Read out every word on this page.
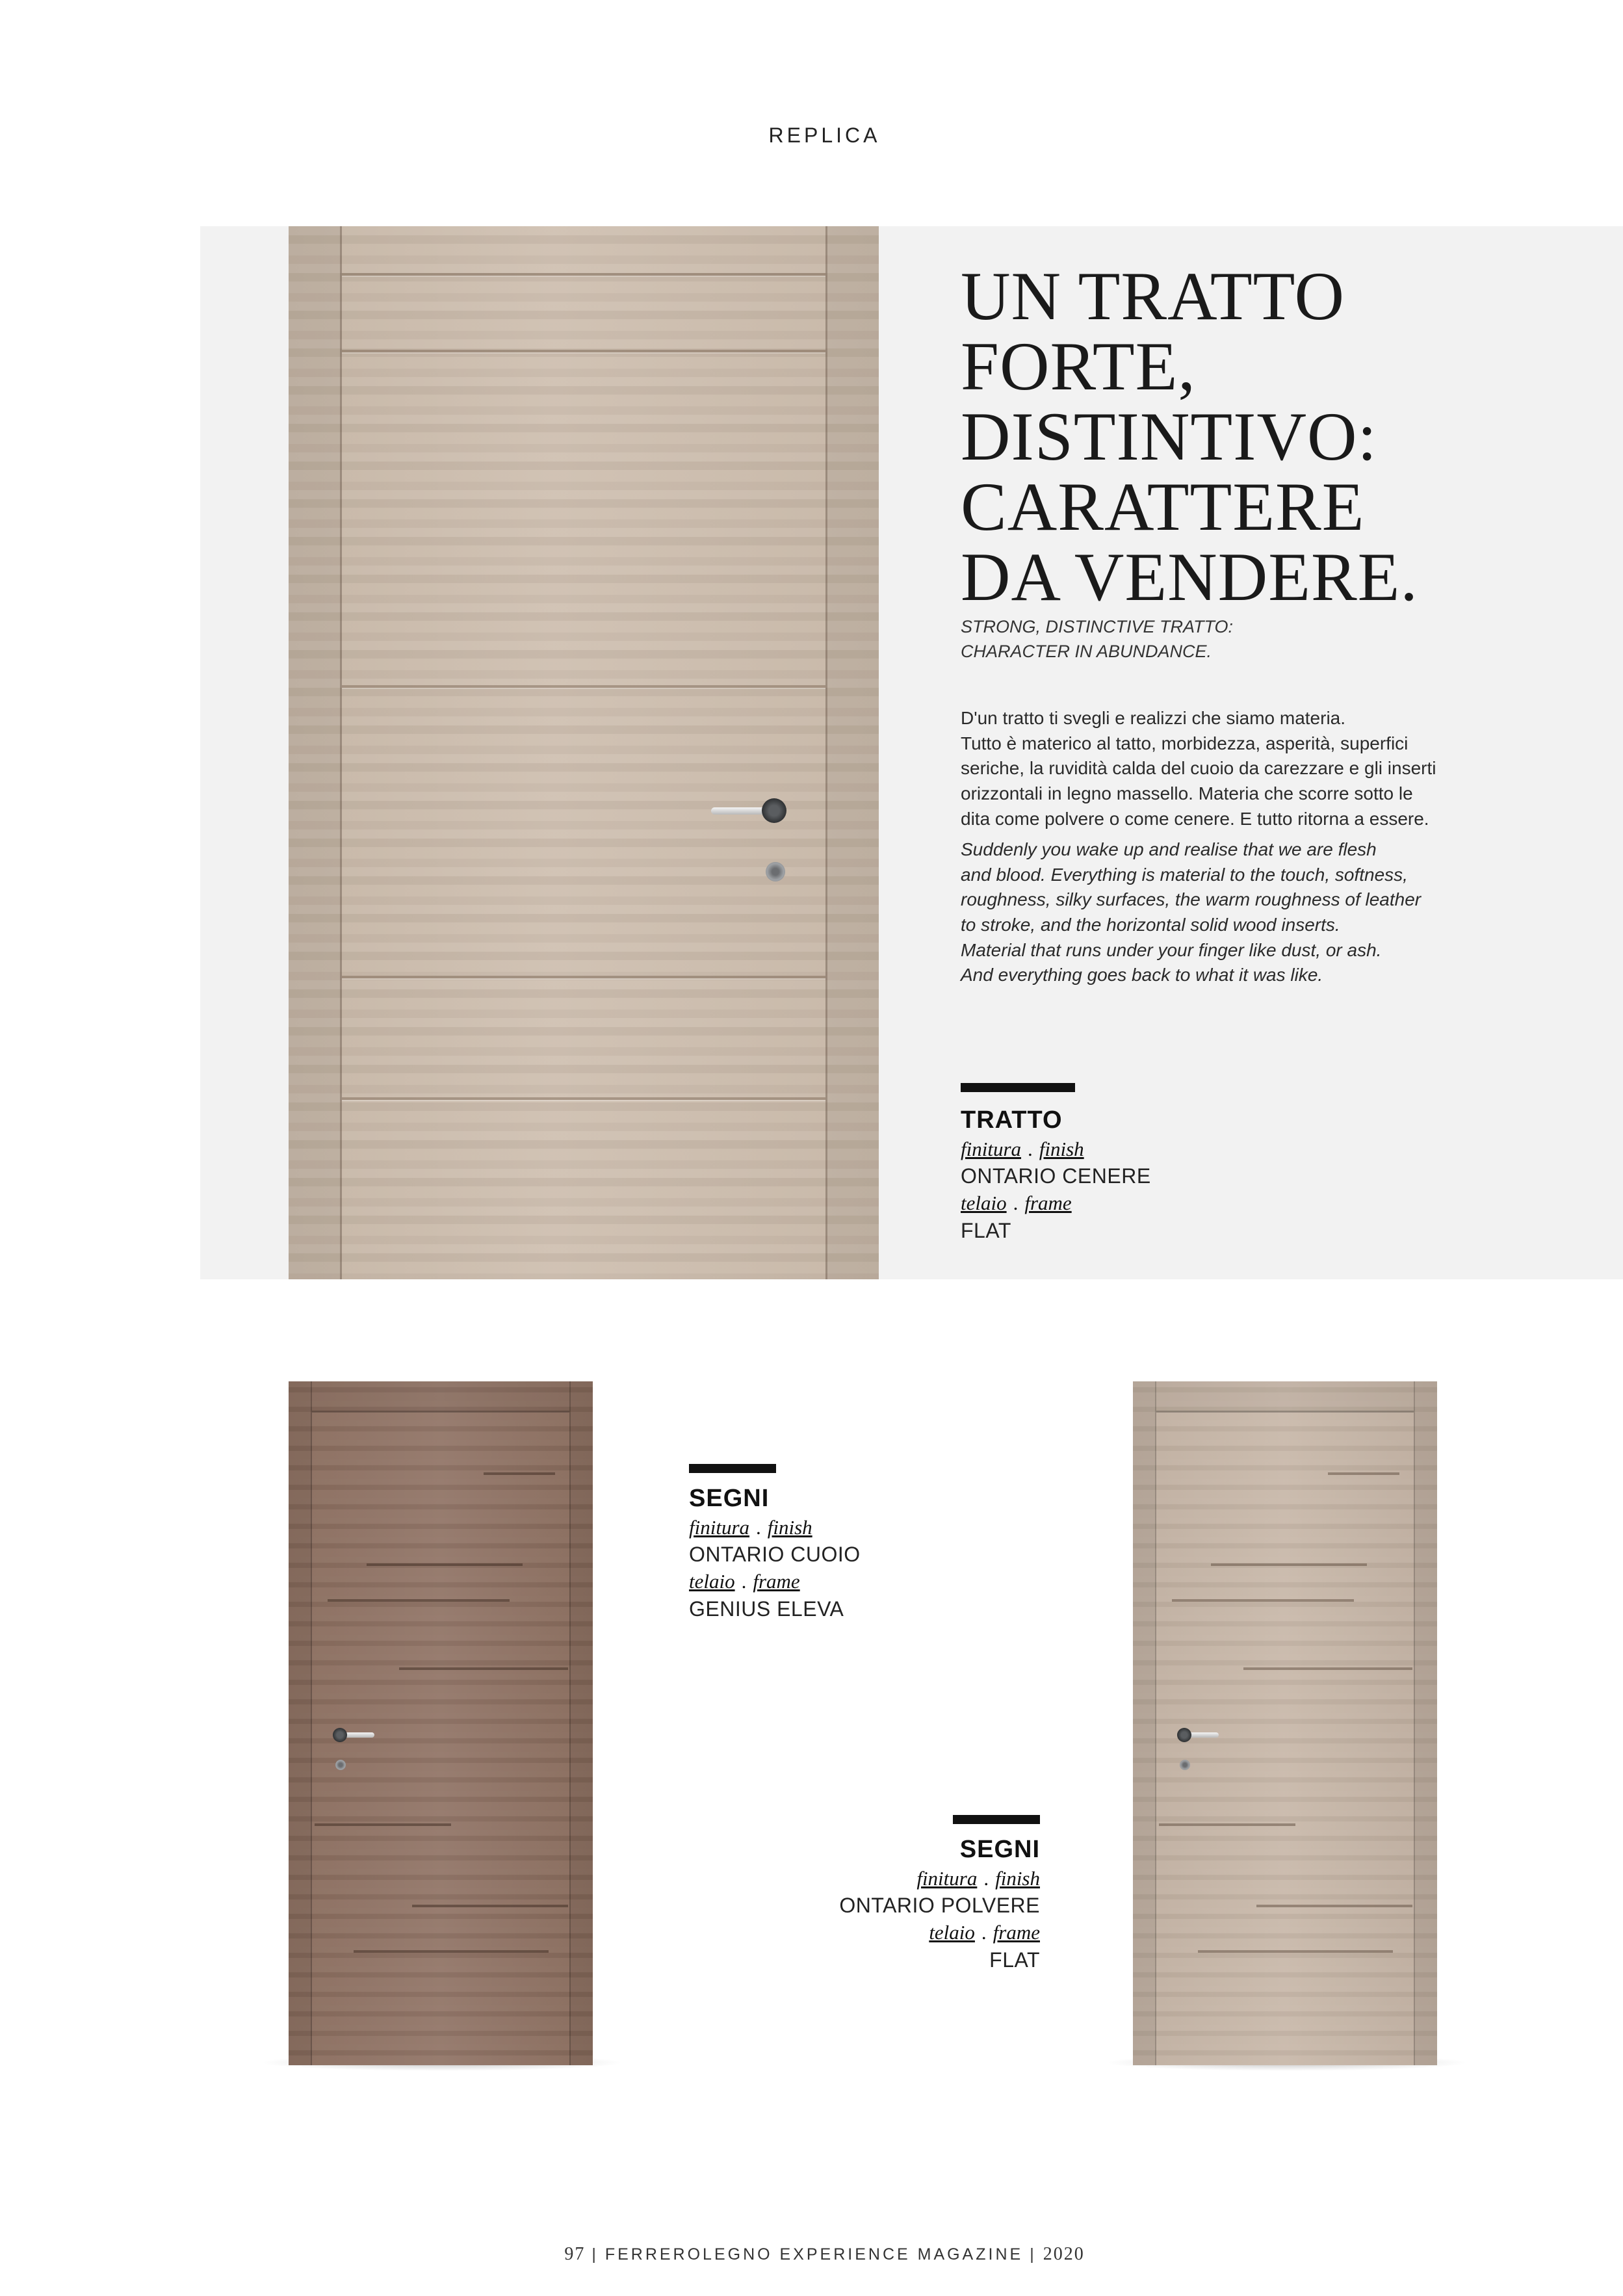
REPLICA
UN TRATTO
FORTE,
DISTINTIVO:
CARATTERE
DA VENDERE.
STRONG, DISTINCTIVE TRATTO:
CHARACTER IN ABUNDANCE.
D'un tratto ti svegli e realizzi che siamo materia.
Tutto è materico al tatto, morbidezza, asperità, superfici
seriche, la ruvidità calda del cuoio da carezzare e gli inserti
orizzontali in legno massello. Materia che scorre sotto le
dita come polvere o come cenere. E tutto ritorna a essere.
Suddenly you wake up and realise that we are flesh
and blood. Everything is material to the touch, softness,
roughness, silky surfaces, the warm roughness of leather
to stroke, and the horizontal solid wood inserts.
Material that runs under your finger like dust, or ash.
And everything goes back to what it was like.
TRATTO
finitura . finish
ONTARIO CENERE
telaio . frame
FLAT
SEGNI
finitura . finish
ONTARIO CUOIO
telaio . frame
GENIUS ELEVA
SEGNI
finitura . finish
ONTARIO POLVERE
telaio . frame
FLAT
97 | FERREROLEGNO EXPERIENCE MAGAZINE | 2020
